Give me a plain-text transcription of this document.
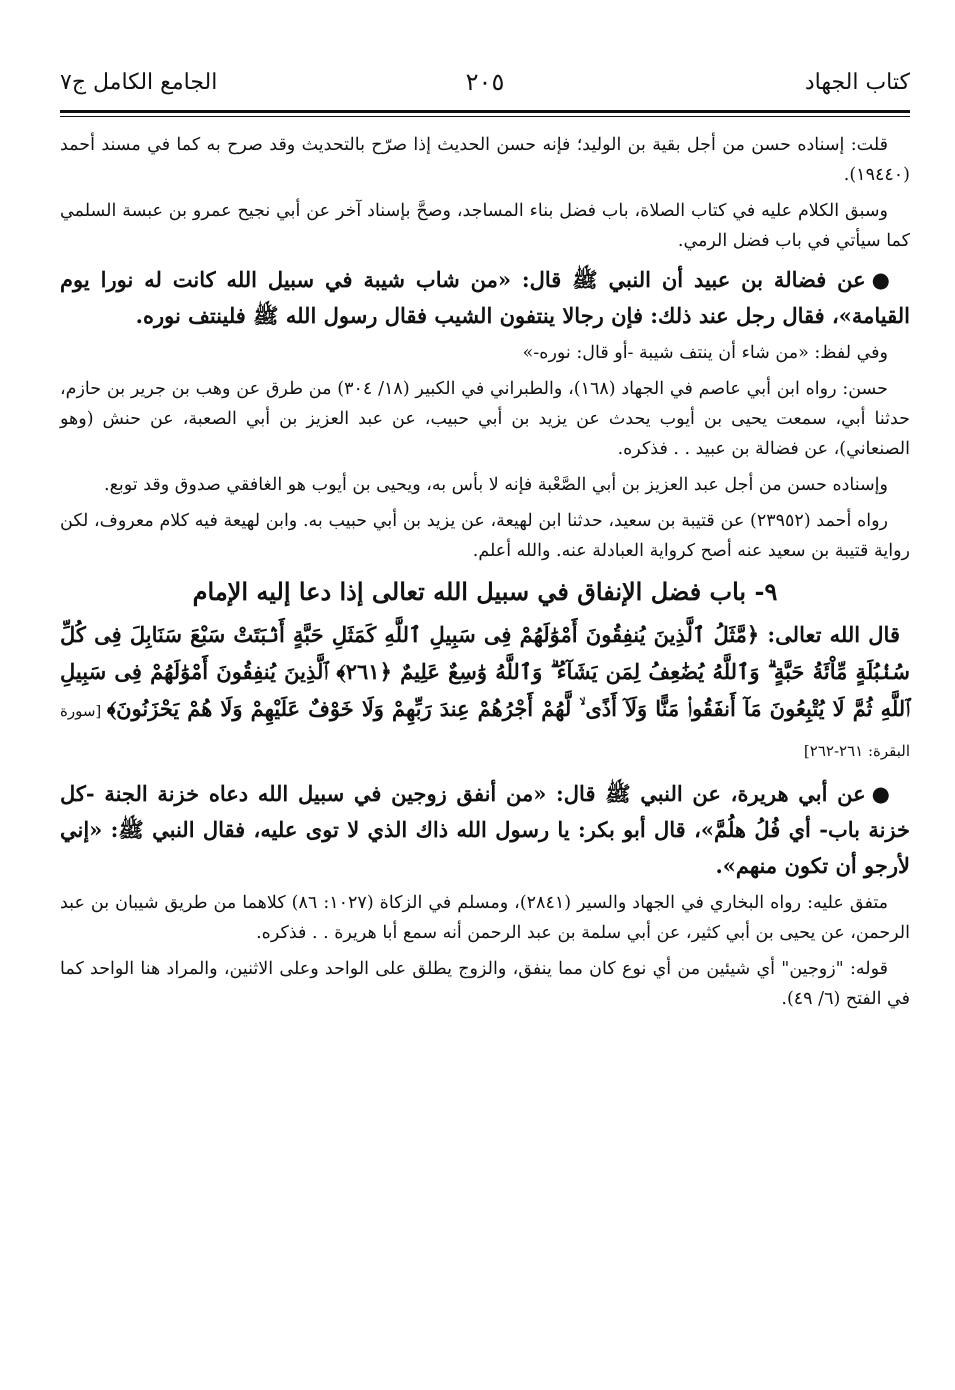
كتاب الجهاد
٢٠٥
الجامع الكامل ج٧

قلت: إسناده حسن من أجل بقية بن الوليد؛ فإنه حسن الحديث إذا صرّح بالتحديث وقد صرح به كما في مسند أحمد (١٩٤٤٠).

وسبق الكلام عليه في كتاب الصلاة، باب فضل بناء المساجد، وصحَّ بإسناد آخر عن أبي نجيح عمرو بن عبسة السلمي كما سيأتي في باب فضل الرمي.

●عن فضالة بن عبيد أن النبي ﷺ قال: «من شاب شيبة في سبيل الله كانت له نورا يوم القيامة»، فقال رجل عند ذلك: فإن رجالا ينتفون الشيب فقال رسول الله ﷺ فلينتف نوره.

وفي لفظ: «من شاء أن ينتف شيبة -أو قال: نوره-»

حسن: رواه ابن أبي عاصم في الجهاد (١٦٨)، والطبراني في الكبير (١٨/ ٣٠٤) من طرق عن وهب بن جرير بن حازم، حدثنا أبي، سمعت يحيى بن أيوب يحدث عن يزيد بن أبي حبيب، عن عبد العزيز بن أبي الصعبة، عن حنش (وهو الصنعاني)، عن فضالة بن عبيد . . فذكره.

وإسناده حسن من أجل عبد العزيز بن أبي الصَّعْبة فإنه لا بأس به، ويحيى بن أيوب هو الغافقي صدوق وقد توبع.

رواه أحمد (٢٣٩٥٢) عن قتيبة بن سعيد، حدثنا ابن لهيعة، عن يزيد بن أبي حبيب به. وابن لهيعة فيه كلام معروف، لكن رواية قتيبة بن سعيد عنه أصح كرواية العبادلة عنه. والله أعلم.

٩- باب فضل الإنفاق في سبيل الله تعالى إذا دعا إليه الإمام

قال الله تعالى: ﴿مَّثَلُ ٱلَّذِينَ يُنفِقُونَ أَمْوَٰلَهُمْ فِى سَبِيلِ ٱللَّهِ كَمَثَلِ حَبَّةٍ أَنۢبَتَتْ سَبْعَ سَنَابِلَ فِى كُلِّ سُنۢبُلَةٍ مِّاْئَةُ حَبَّةٍ ۗ وَٱللَّهُ يُضَٰعِفُ لِمَن يَشَآءُ ۗ وَٱللَّهُ وَٰسِعٌ عَلِيمٌ ﴿٢٦١﴾ ٱلَّذِينَ يُنفِقُونَ أَمْوَٰلَهُمْ فِى سَبِيلِ ٱللَّهِ ثُمَّ لَا يُتْبِعُونَ مَآ أَنفَقُوا۟ مَنًّا وَلَآ أَذًى ۙ لَّهُمْ أَجْرُهُمْ عِندَ رَبِّهِمْ وَلَا خَوْفٌ عَلَيْهِمْ وَلَا هُمْ يَحْزَنُونَ﴾ [سورة البقرة: ٢٦١-٢٦٢]

●عن أبي هريرة، عن النبي ﷺ قال: «من أنفق زوجين في سبيل الله دعاه خزنة الجنة -كل خزنة باب- أي فُلُ هلُمَّ»، قال أبو بكر: يا رسول الله ذاك الذي لا توى عليه، فقال النبي ﷺ: «إني لأرجو أن تكون منهم».

متفق عليه: رواه البخاري في الجهاد والسير (٢٨٤١)، ومسلم في الزكاة (١٠٢٧: ٨٦) كلاهما من طريق شيبان بن عبد الرحمن، عن يحيى بن أبي كثير، عن أبي سلمة بن عبد الرحمن أنه سمع أبا هريرة . . فذكره.

قوله: "زوجين" أي شيئين من أي نوع كان مما ينفق، والزوج يطلق على الواحد وعلى الاثنين، والمراد هنا الواحد كما في الفتح (٦/ ٤٩).
